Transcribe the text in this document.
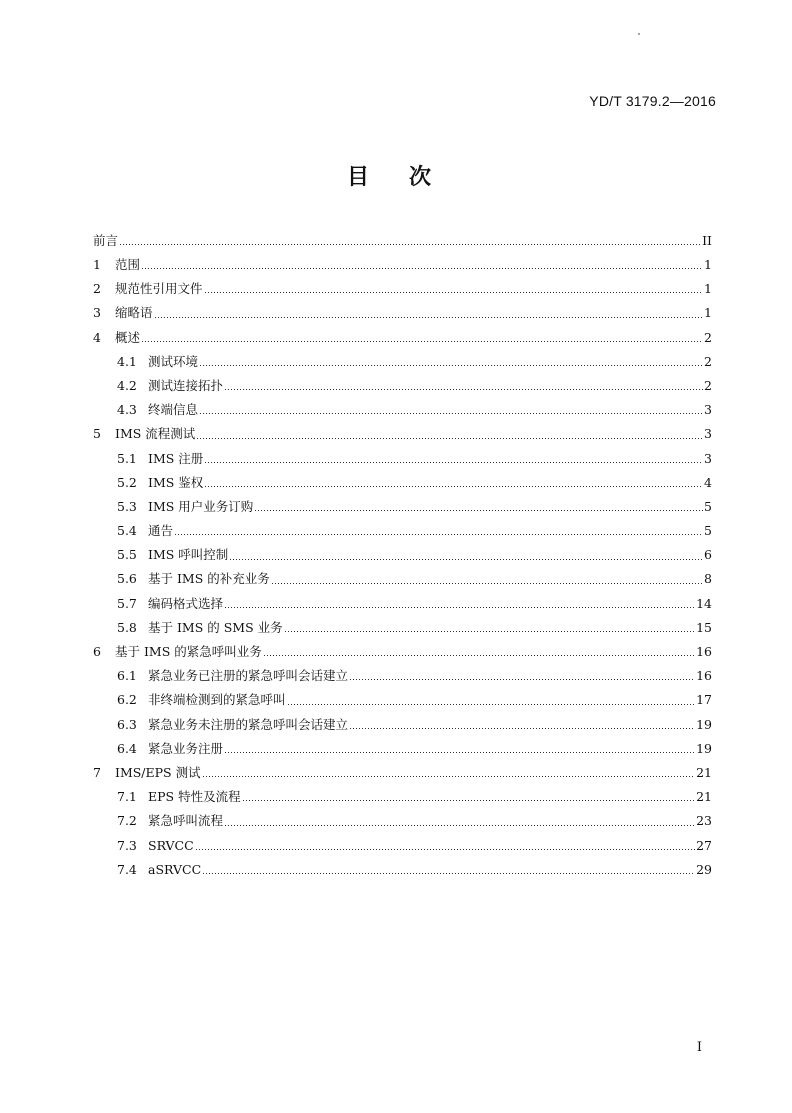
YD/T 3179.2—2016
目次
前言	II
1	范围	1
2	规范性引用文件	1
3	缩略语	1
4	概述	2
4.1 测试环境	2
4.2 测试连接拓扑	2
4.3 终端信息	3
5	IMS 流程测试	3
5.1 IMS 注册	3
5.2 IMS 鉴权	4
5.3 IMS 用户业务订购	5
5.4 通告	5
5.5 IMS 呼叫控制	6
5.6 基于 IMS 的补充业务	8
5.7 编码格式选择	14
5.8 基于 IMS 的 SMS 业务	15
6	基于 IMS 的紧急呼叫业务	16
6.1 紧急业务已注册的紧急呼叫会话建立	16
6.2 非终端检测到的紧急呼叫	17
6.3 紧急业务未注册的紧急呼叫会话建立	19
6.4 紧急业务注册	19
7	IMS/EPS 测试	21
7.1 EPS 特性及流程	21
7.2 紧急呼叫流程	23
7.3 SRVCC	27
7.4 aSRVCC	29
I
